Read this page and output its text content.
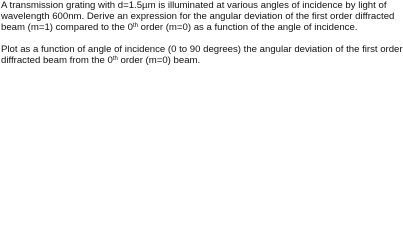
A transmission grating with d=1.5µm is illuminated at various angles of incidence by light of
wavelength 600nm. Derive an expression for the angular deviation of the first order diffracted
beam (m=1) compared to the 0th order (m=0) as a function of the angle of incidence.

Plot as a function of angle of incidence (0 to 90 degrees) the angular deviation of the first order
diffracted beam from the 0th order (m=0) beam.
